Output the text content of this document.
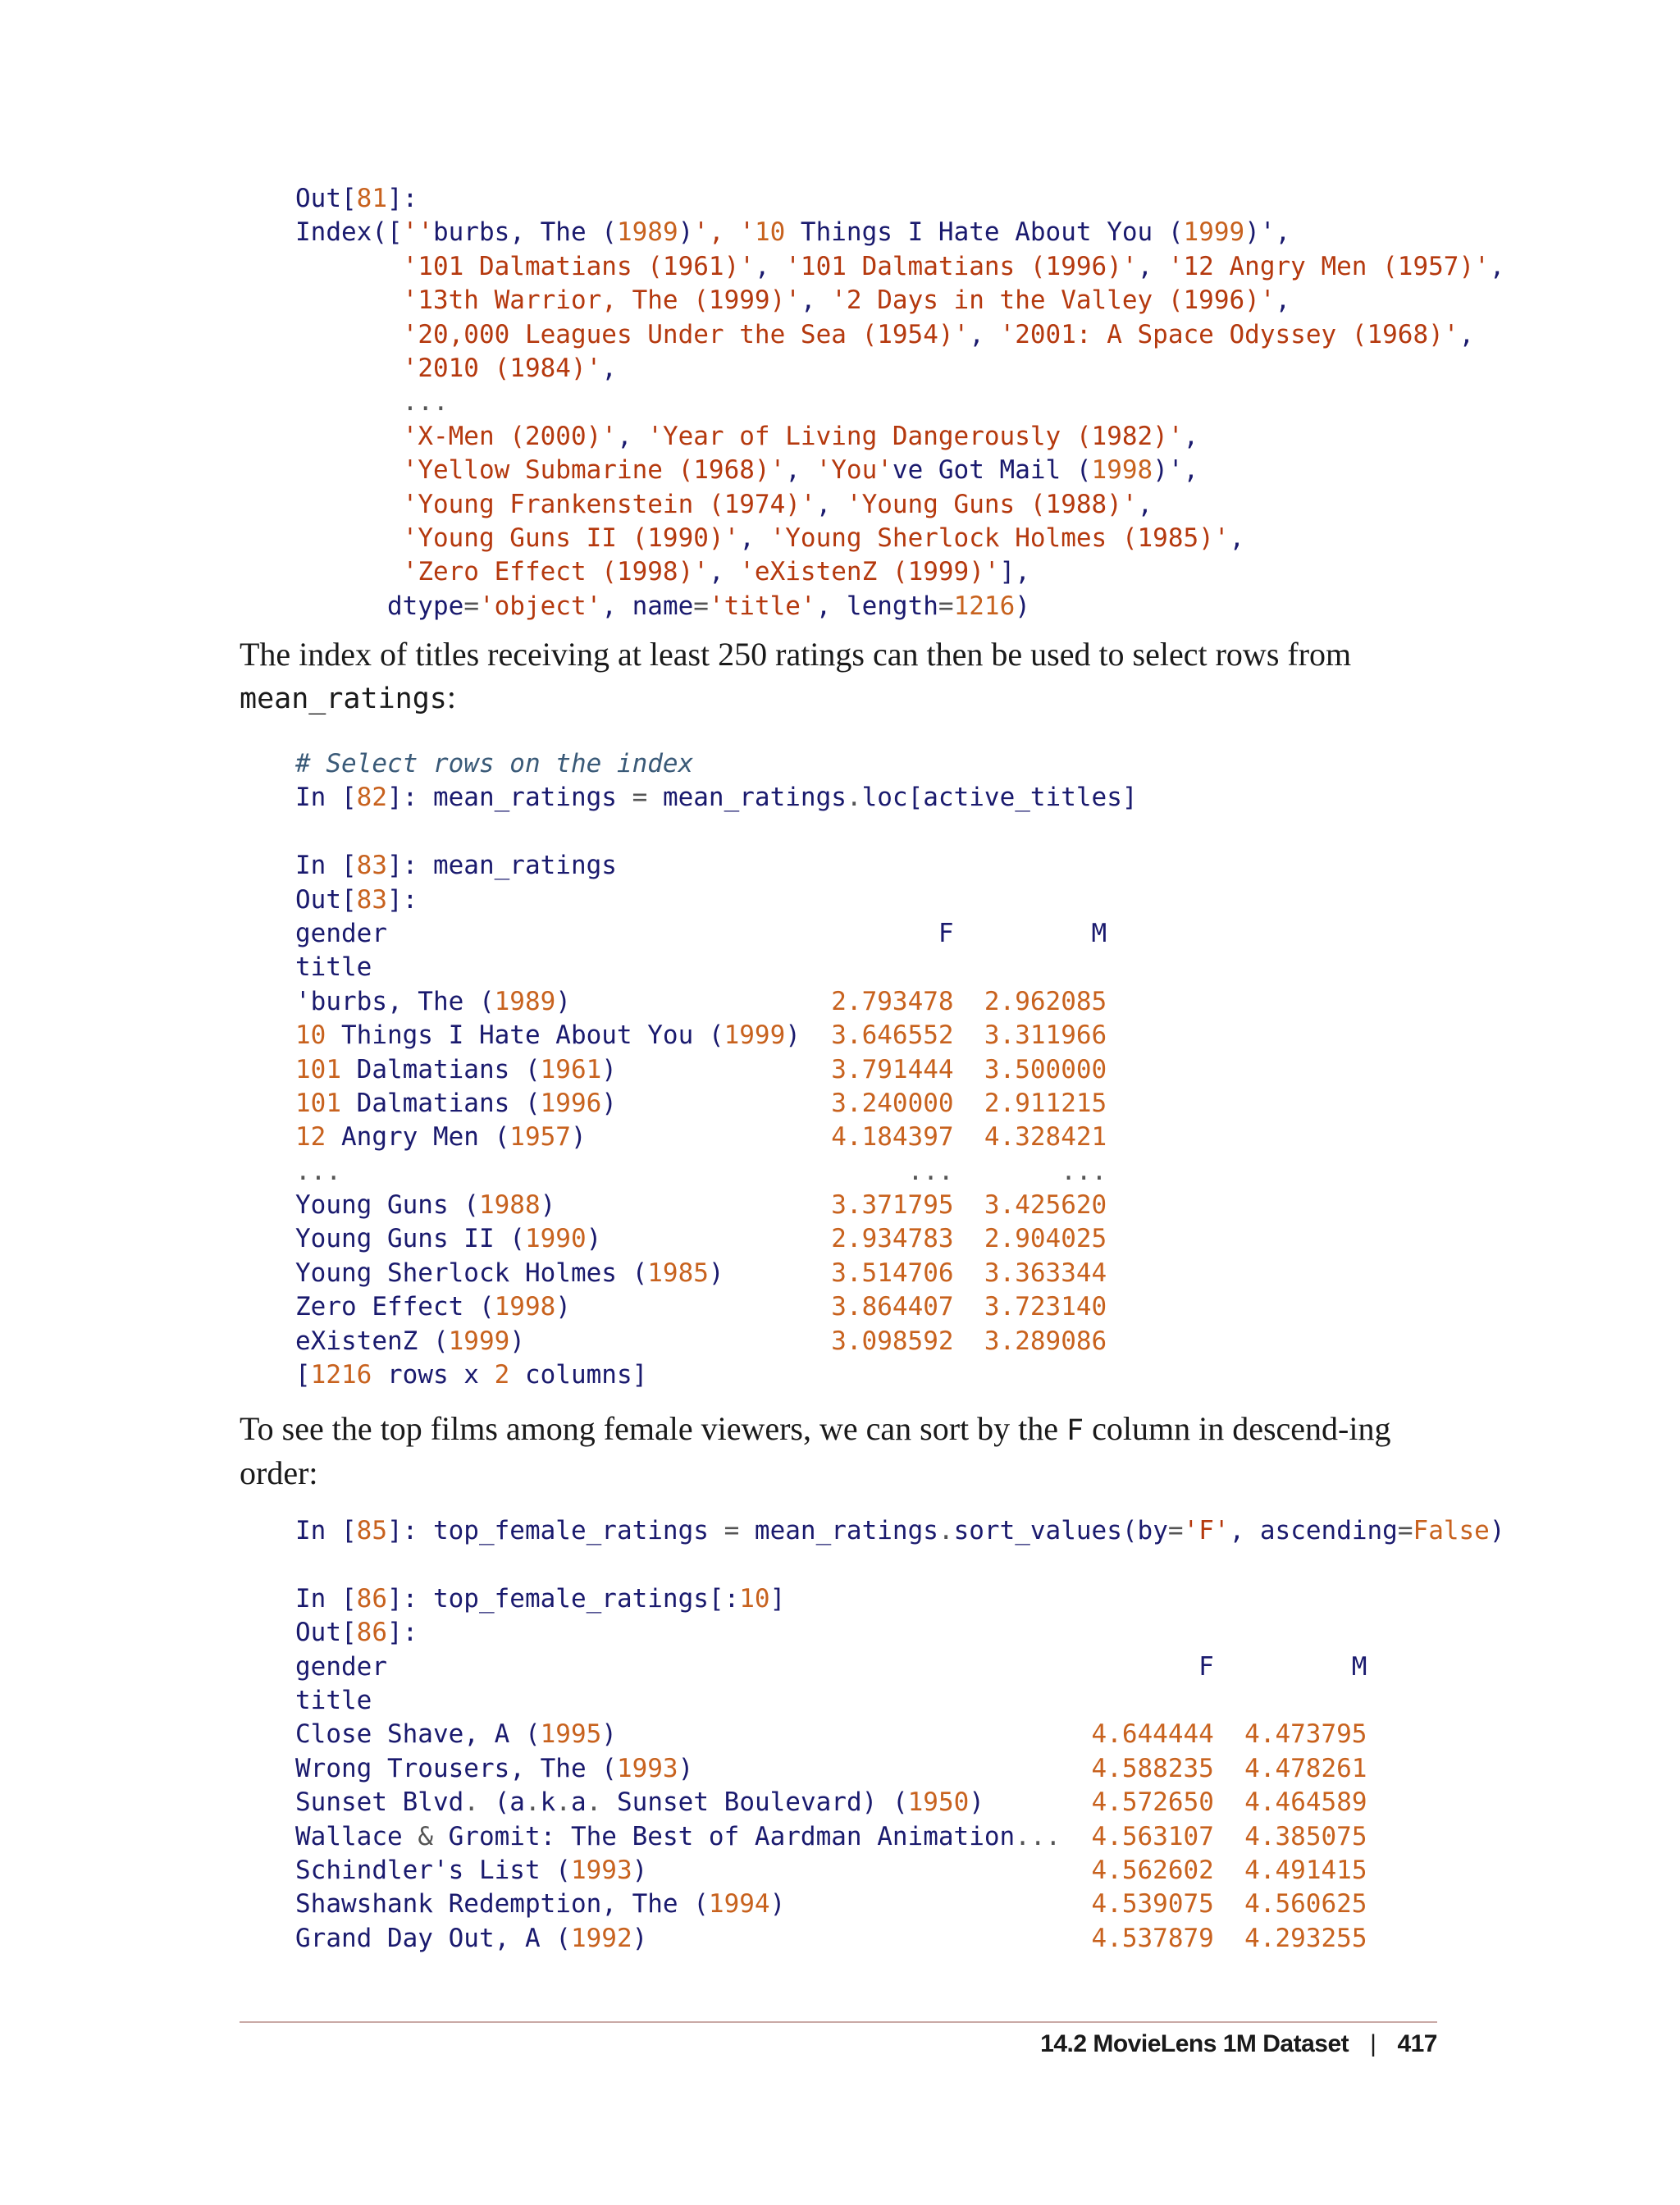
Out[81]:
Index([''burbs, The (1989)', '10 Things I Hate About You (1999)',
'101 Dalmatians (1961)', '101 Dalmatians (1996)', '12 Angry Men (1957)',
'13th Warrior, The (1999)', '2 Days in the Valley (1996)',
'20,000 Leagues Under the Sea (1954)', '2001: A Space Odyssey (1968)',
'2010 (1984)',
...
'X-Men (2000)', 'Year of Living Dangerously (1982)',
'Yellow Submarine (1968)', 'You've Got Mail (1998)',
'Young Frankenstein (1974)', 'Young Guns (1988)',
'Young Guns II (1990)', 'Young Sherlock Holmes (1985)',
'Zero Effect (1998)', 'eXistenZ (1999)'],
dtype='object', name='title', length=1216)

The index of titles receiving at least 250 ratings can then be used to select rows from mean_ratings:

# Select rows on the index
In [82]: mean_ratings = mean_ratings.loc[active_titles]
In [83]: mean_ratings
Out[83]:
gender                                    F         M
title
'burbs, The (1989)                 2.793478 2.962085
10 Things I Hate About You (1999)  3.646552 3.311966
101 Dalmatians (1961)              3.791444 3.500000
101 Dalmatians (1996)              3.240000 2.911215
12 Angry Men (1957)                4.184397 4.328421
...	...	...
Young Guns (1988)                  3.371795 3.425620
Young Guns II (1990)               2.934783 2.904025
Young Sherlock Holmes (1985)       3.514706 3.363344
Zero Effect (1998)                 3.864407 3.723140
eXistenZ (1999)                    3.098592 3.289086
[1216 rows x 2 columns]

To see the top films among female viewers, we can sort by the F column in descend-ing order:

In [85]: top_female_ratings = mean_ratings.sort_values(by='F', ascending=False)
In [86]: top_female_ratings[:10]
Out[86]:
gender                                                     F         M
title
Close Shave, A (1995)                               4.644444 4.473795
Wrong Trousers, The (1993)                          4.588235 4.478261
Sunset Blvd. (a.k.a. Sunset Boulevard) (1950)       4.572650 4.464589
Wallace & Gromit: The Best of Aardman Animation... 4.563107 4.385075
Schindler's List (1993)                             4.562602 4.491415
Shawshank Redemption, The (1994)                    4.539075 4.560625
Grand Day Out, A (1992)                             4.537879 4.293255
14.2 MovieLens 1M Dataset | 417
